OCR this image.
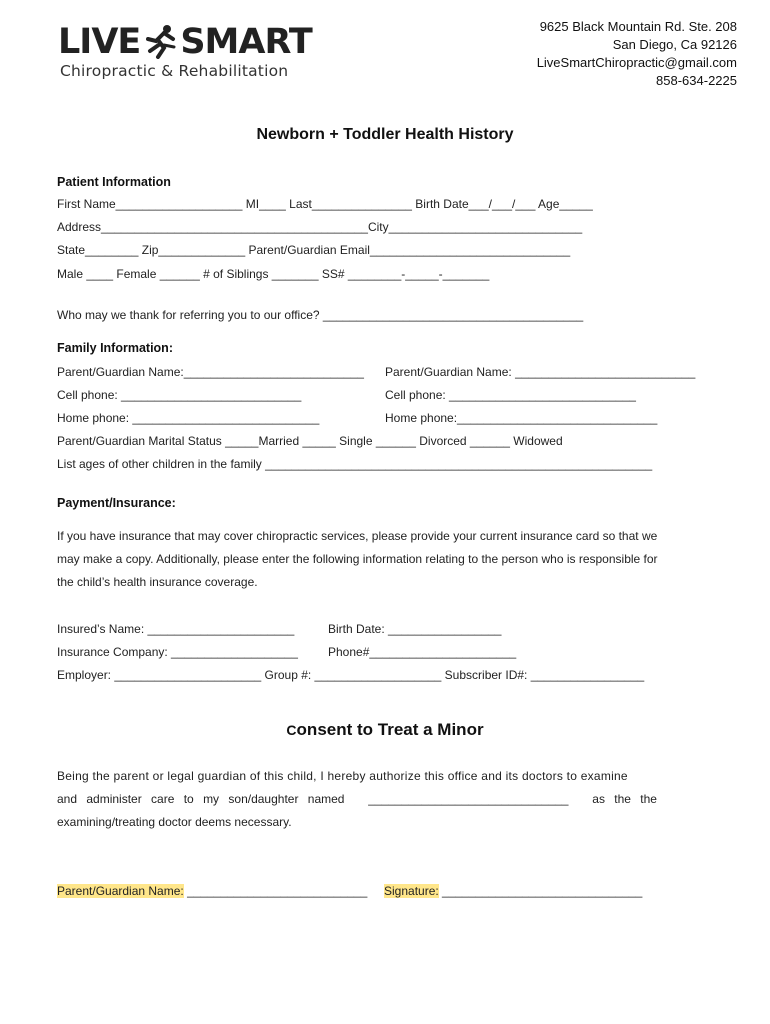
LIVE SMART
Chiropractic & Rehabilitation
9625 Black Mountain Rd. Ste. 208
San Diego, Ca 92126
LiveSmartChiropractic@gmail.com
858-634-2225
Newborn + Toddler Health History
Patient Information
First Name___________________ MI____ Last_______________ Birth Date___/___/___ Age_____
Address________________________________________City_____________________________
State________ Zip_____________ Parent/Guardian Email______________________________
Male ____ Female ______ # of Siblings _______ SS# ________-_____-_______
Who may we thank for referring you to our office? _______________________________________
Family Information:
Parent/Guardian Name:___________________________ Parent/Guardian Name: ___________________________
Cell phone: ___________________________	Cell phone: ____________________________
Home phone: ____________________________	Home phone:______________________________
Parent/Guardian Marital Status _____Married _____ Single ______ Divorced ______ Widowed
List ages of other children in the family __________________________________________________________
Payment/Insurance:
If you have insurance that may cover chiropractic services, please provide your current insurance card so that we
may make a copy. Additionally, please enter the following information relating to the person who is responsible for
the child’s health insurance coverage.
Insured’s Name: ______________________	Birth Date: _________________
Insurance Company: ___________________	Phone#______________________
Employer: ______________________ Group #: ___________________ Subscriber ID#: _________________
Consent to Treat a Minor
Being the parent or legal guardian of this child, I hereby authorize this office and its doctors to examine
and administer care to my son/daughter named ______________________________ as the the
examining/treating doctor deems necessary.
Parent/Guardian Name: ___________________________ Signature: ______________________________
